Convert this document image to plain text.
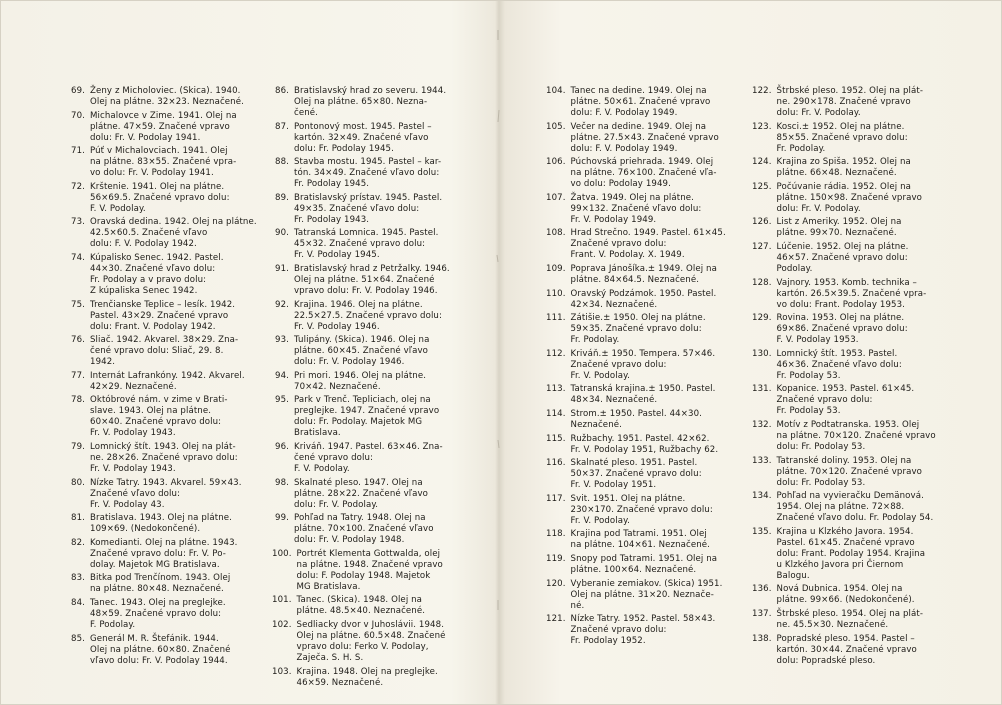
69. Ženy z Micholoviec. (Skica). 1940.
Olej na plátne. 32×23. Neznačené.
70. Michalovce v Zime. 1941. Olej na
plátne. 47×59. Značené vpravo
dolu: Fr. V. Podolay 1941.
71. Púť v Michalovciach. 1941. Olej
na plátne. 83×55. Značené vpra-
vo dolu: Fr. V. Podolay 1941.
72. Krštenie. 1941. Olej na plátne.
56×69.5. Značené vpravo dolu:
F. V. Podolay.
73. Oravská dedina. 1942. Olej na plátne.
42.5×60.5. Značené vľavo
dolu: F. V. Podolay 1942.
74. Kúpalisko Senec. 1942. Pastel.
44×30. Značené vľavo dolu:
Fr. Podolay a v pravo dolu:
Z kúpaliska Senec 1942.
75. Trenčianske Teplice – lesík. 1942.
Pastel. 43×29. Značené vpravo
dolu: Frant. V. Podolay 1942.
76. Sliač. 1942. Akvarel. 38×29. Zna-
čené vpravo dolu: Sliač, 29. 8.
1942.
77. Internát Lafrankóny. 1942. Akvarel.
42×29. Neznačené.
78. Októbrové nám. v zime v Brati-
slave. 1943. Olej na plátne.
60×40. Značené vpravo dolu:
Fr. V. Podolay 1943.
79. Lomnický štít. 1943. Olej na plát-
ne. 28×26. Značené vpravo dolu:
Fr. V. Podolay 1943.
80. Nízke Tatry. 1943. Akvarel. 59×43.
Značené vľavo dolu:
Fr. V. Podolay 43.
81. Bratislava. 1943. Olej na plátne.
109×69. (Nedokončené).
82. Komedianti. Olej na plátne. 1943.
Značené vpravo dolu: Fr. V. Po-
dolay. Majetok MG Bratislava.
83. Bitka pod Trenčínom. 1943. Olej
na plátne. 80×48. Neznačené.
84. Tanec. 1943. Olej na preglejke.
48×59. Značené vpravo dolu:
F. Podolay.
85. Generál M. R. Štefánik. 1944.
Olej na plátne. 60×80. Značené
vľavo dolu: Fr. V. Podolay 1944.
86. Bratislavský hrad zo severu. 1944.
Olej na plátne. 65×80. Nezna-
čené.
87. Pontonový most. 1945. Pastel –
kartón. 32×49. Značené vľavo
dolu: Fr. Podolay 1945.
88. Stavba mostu. 1945. Pastel – kar-
tón. 34×49. Značené vľavo dolu:
Fr. Podolay 1945.
89. Bratislavský prístav. 1945. Pastel.
49×35. Značené vľavo dolu:
Fr. Podolay 1943.
90. Tatranská Lomnica. 1945. Pastel.
45×32. Značené vpravo dolu:
Fr. V. Podolay 1945.
91. Bratislavský hrad z Petržalky. 1946.
Olej na plátne. 51×64. Značené
vpravo dolu: Fr. V. Podolay 1946.
92. Krajina. 1946. Olej na plátne.
22.5×27.5. Značené vpravo dolu:
Fr. V. Podolay 1946.
93. Tulipány. (Skica). 1946. Olej na
plátne. 60×45. Značené vľavo
dolu: Fr. V. Podolay 1946.
94. Pri mori. 1946. Olej na plátne.
70×42. Neznačené.
95. Park v Trenč. Tepliciach, olej na
preglejke. 1947. Značené vpravo
dolu: Fr. Podolay. Majetok MG
Bratislava.
96. Kriváň. 1947. Pastel. 63×46. Zna-
čené vpravo dolu:
F. V. Podolay.
98. Skalnaté pleso. 1947. Olej na
plátne. 28×22. Značené vľavo
dolu: Fr. V. Podolay.
99. Pohľad na Tatry. 1948. Olej na
plátne. 70×100. Značené vľavo
dolu: Fr. V. Podolay 1948.
100. Portrét Klementa Gottwalda, olej
na plátne. 1948. Značené vpravo
dolu: F. Podolay 1948. Majetok
MG Bratislava.
101. Tanec. (Skica). 1948. Olej na
plátne. 48.5×40. Neznačené.
102. Sedliacky dvor v Juhoslávii. 1948.
Olej na plátne. 60.5×48. Značené
vpravo dolu: Ferko V. Podolay,
Zaječa. S. H. S.
103. Krajina. 1948. Olej na preglejke.
46×59. Neznačené.
104. Tanec na dedine. 1949. Olej na
plátne. 50×61. Značené vpravo
dolu: F. V. Podolay 1949.
105. Večer na dedine. 1949. Olej na
plátne. 27.5×43. Značené vpravo
dolu: F. V. Podolay 1949.
106. Púchovská priehrada. 1949. Olej
na plátne. 76×100. Značené vľa-
vo dolu: Podolay 1949.
107. Žatva. 1949. Olej na plátne.
99×132. Značené vľavo dolu:
Fr. V. Podolay 1949.
108. Hrad Strečno. 1949. Pastel. 61×45.
Značené vpravo dolu:
Frant. V. Podolay. X. 1949.
109. Poprava Jánošíka.± 1949. Olej na
plátne. 84×64.5. Neznačené.
110. Oravský Podzámok. 1950. Pastel.
42×34. Neznačené.
111. Zátišie.± 1950. Olej na plátne.
59×35. Značené vpravo dolu:
Fr. Podolay.
112. Kriváň.± 1950. Tempera. 57×46.
Značené vpravo dolu:
Fr. V. Podolay.
113. Tatranská krajina.± 1950. Pastel.
48×34. Neznačené.
114. Strom.± 1950. Pastel. 44×30.
Neznačené.
115. Ružbachy. 1951. Pastel. 42×62.
Fr. V. Podolay 1951, Ružbachy 62.
116. Skalnaté pleso. 1951. Pastel.
50×37. Značené vpravo dolu:
Fr. V. Podolay 1951.
117. Svit. 1951. Olej na plátne.
230×170. Značené vpravo dolu:
Fr. V. Podolay.
118. Krajina pod Tatrami. 1951. Olej
na plátne. 104×61. Neznačené.
119. Snopy pod Tatrami. 1951. Olej na
plátne. 100×64. Neznačené.
120. Vyberanie zemiakov. (Skica) 1951.
Olej na plátne. 31×20. Neznače-
né.
121. Nízke Tatry. 1952. Pastel. 58×43.
Značené vpravo dolu:
Fr. Podolay 1952.
122. Štrbské pleso. 1952. Olej na plát-
ne. 290×178. Značené vpravo
dolu: Fr. V. Podolay.
123. Kosci.± 1952. Olej na plátne.
85×55. Značené vpravo dolu:
Fr. Podolay.
124. Krajina zo Spiša. 1952. Olej na
plátne. 66×48. Neznačené.
125. Počúvanie rádia. 1952. Olej na
plátne. 150×98. Značené vpravo
dolu: Fr. V. Podolay.
126. List z Ameriky. 1952. Olej na
plátne. 99×70. Neznačené.
127. Lúčenie. 1952. Olej na plátne.
46×57. Značené vpravo dolu:
Podolay.
128. Vajnory. 1953. Komb. technika –
kartón. 26.5×39.5. Značené vpra-
vo dolu: Frant. Podolay 1953.
129. Rovina. 1953. Olej na plátne.
69×86. Značené vpravo dolu:
F. V. Podolay 1953.
130. Lomnický štít. 1953. Pastel.
46×36. Značené vľavo dolu:
Fr. Podolay 53.
131. Kopanice. 1953. Pastel. 61×45.
Značené vpravo dolu:
Fr. Podolay 53.
132. Motív z Podtatranska. 1953. Olej
na plátne. 70×120. Značené vpravo
dolu: Fr. Podolay 53.
133. Tatranské doliny. 1953. Olej na
plátne. 70×120. Značené vpravo
dolu: Fr. Podolay 53.
134. Pohľad na vyvieračku Demänová.
1954. Olej na plátne. 72×88.
Značené vľavo dolu. Fr. Podolay 54.
135. Krajina u Klzkého Javora. 1954.
Pastel. 61×45. Značené vpravo
dolu: Frant. Podolay 1954. Krajina
u Klzkého Javora pri Čiernom
Balogu.
136. Nová Dubnica. 1954. Olej na
plátne. 99×66. (Nedokončené).
137. Štrbské pleso. 1954. Olej na plát-
ne. 45.5×30. Neznačené.
138. Popradské pleso. 1954. Pastel –
kartón. 30×44. Značené vpravo
dolu: Popradské pleso.
